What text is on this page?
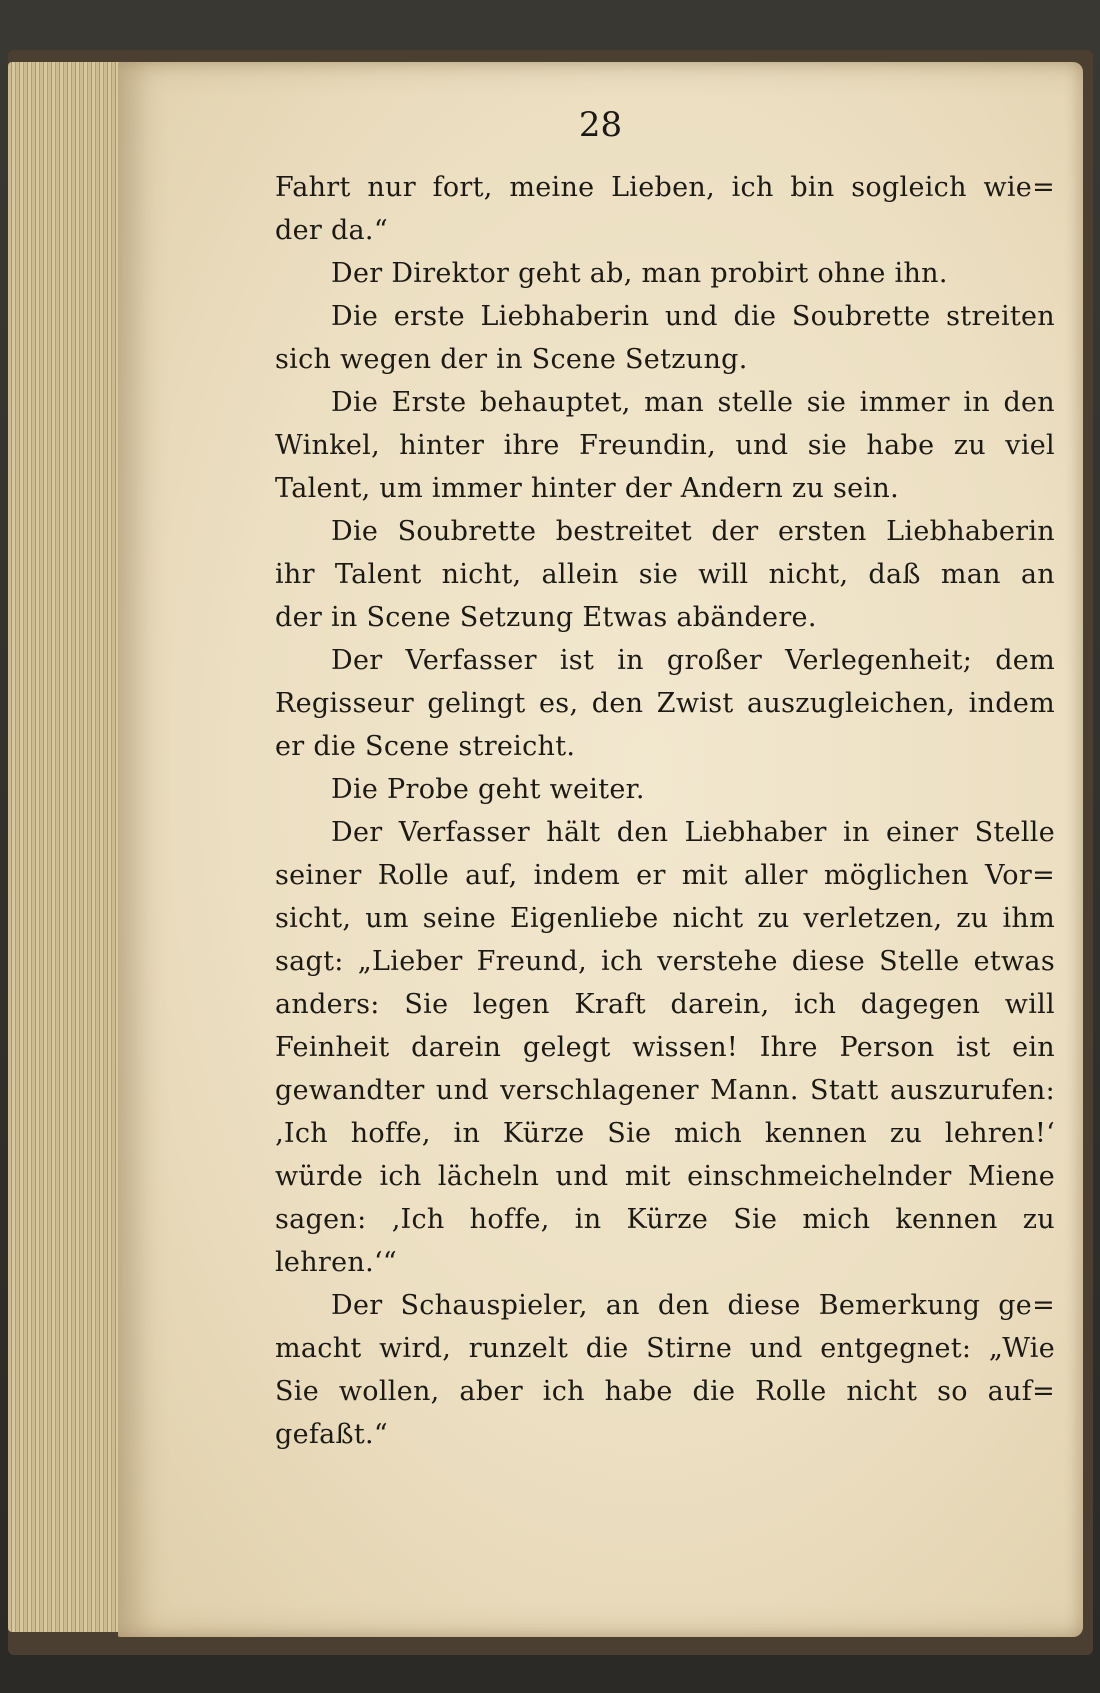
28

Fahrt nur fort, meine Lieben, ich bin sogleich wie=
der da.“
Der Direktor geht ab, man probirt ohne ihn.
Die erste Liebhaberin und die Soubrette streiten
sich wegen der in Scene Setzung.
Die Erste behauptet, man stelle sie immer in den
Winkel, hinter ihre Freundin, und sie habe zu viel
Talent, um immer hinter der Andern zu sein.
Die Soubrette bestreitet der ersten Liebhaberin
ihr Talent nicht, allein sie will nicht, daß man an
der in Scene Setzung Etwas abändere.
Der Verfasser ist in großer Verlegenheit; dem
Regisseur gelingt es, den Zwist auszugleichen, indem
er die Scene streicht.
Die Probe geht weiter.
Der Verfasser hält den Liebhaber in einer Stelle
seiner Rolle auf, indem er mit aller möglichen Vor=
sicht, um seine Eigenliebe nicht zu verletzen, zu ihm
sagt: „Lieber Freund, ich verstehe diese Stelle etwas
anders: Sie legen Kraft darein, ich dagegen will
Feinheit darein gelegt wissen! Ihre Person ist ein
gewandter und verschlagener Mann. Statt auszurufen:
‚Ich hoffe, in Kürze Sie mich kennen zu lehren!‘
würde ich lächeln und mit einschmeichelnder Miene
sagen: ‚Ich hoffe, in Kürze Sie mich kennen zu
lehren.‘“
Der Schauspieler, an den diese Bemerkung ge=
macht wird, runzelt die Stirne und entgegnet: „Wie
Sie wollen, aber ich habe die Rolle nicht so auf=
gefaßt.“
